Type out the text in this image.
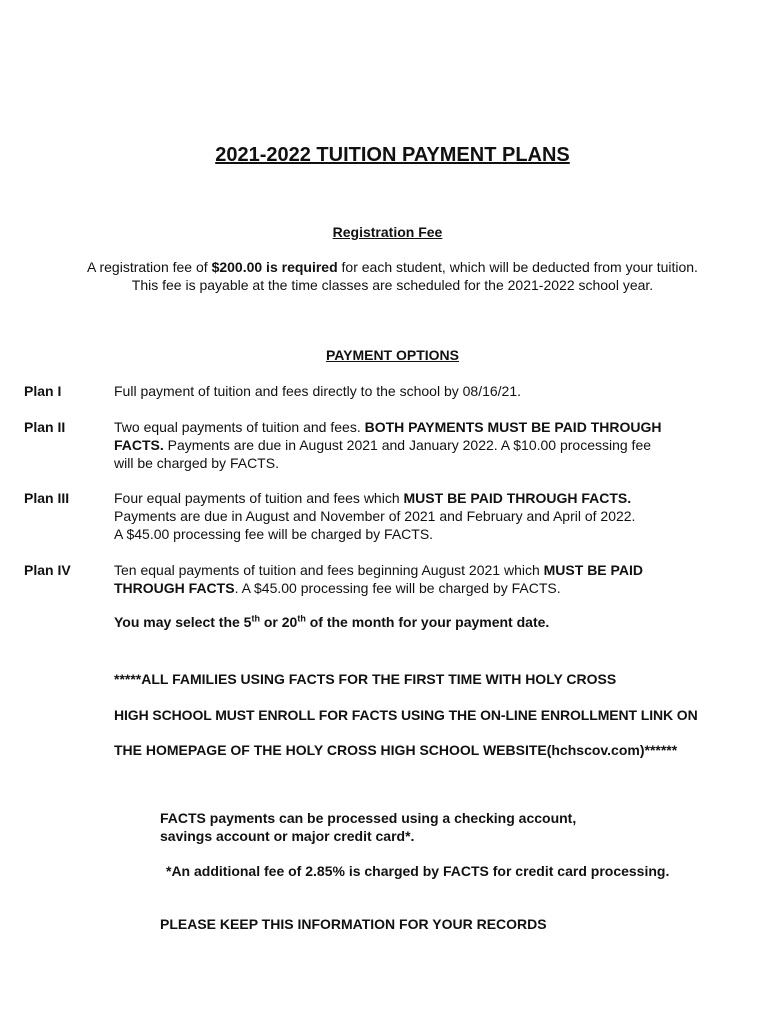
2021-2022 TUITION PAYMENT PLANS
Registration Fee
A registration fee of $200.00 is required for each student, which will be deducted from your tuition.
This fee is payable at the time classes are scheduled for the 2021-2022 school year.
PAYMENT OPTIONS
Plan I	Full payment of tuition and fees directly to the school by 08/16/21.
Plan II	Two equal payments of tuition and fees. BOTH PAYMENTS MUST BE PAID THROUGH
FACTS. Payments are due in August 2021 and January 2022. A $10.00 processing fee
will be charged by FACTS.
Plan III	Four equal payments of tuition and fees which MUST BE PAID THROUGH FACTS.
Payments are due in August and November of 2021 and February and April of 2022.
A $45.00 processing fee will be charged by FACTS.
Plan IV	Ten equal payments of tuition and fees beginning August 2021 which MUST BE PAID
THROUGH FACTS. A $45.00 processing fee will be charged by FACTS.
You may select the 5th or 20th of the month for your payment date.
*****ALL FAMILIES USING FACTS FOR THE FIRST TIME WITH HOLY CROSS
HIGH SCHOOL MUST ENROLL FOR FACTS USING THE ON-LINE ENROLLMENT LINK ON
THE HOMEPAGE OF THE HOLY CROSS HIGH SCHOOL WEBSITE(hchscov.com)******
FACTS payments can be processed using a checking account,
savings account or major credit card*.
*An additional fee of 2.85% is charged by FACTS for credit card processing.
PLEASE KEEP THIS INFORMATION FOR YOUR RECORDS
